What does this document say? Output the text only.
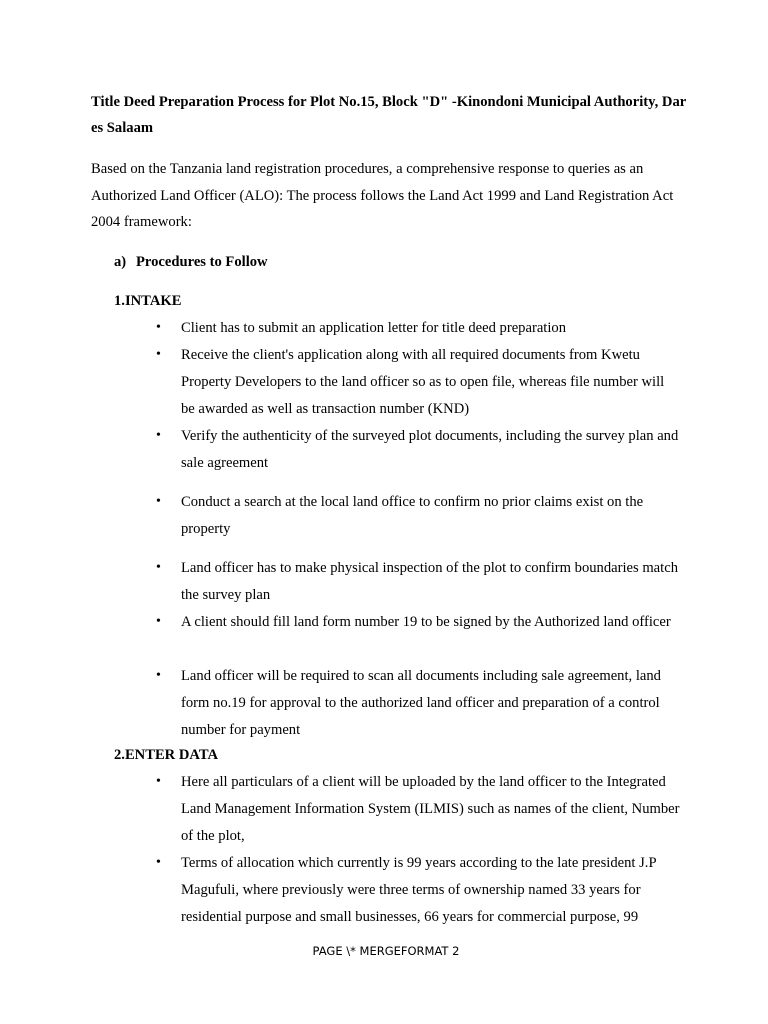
Title Deed Preparation Process for Plot No.15, Block "D" -Kinondoni Municipal Authority, Dar es Salaam

Based on the Tanzania land registration procedures, a comprehensive response to queries as an Authorized Land Officer (ALO): The process follows the Land Act 1999 and Land Registration Act 2004 framework:

a) Procedures to Follow

1.INTAKE

•	Client has to submit an application letter for title deed preparation
•	Receive the client's application along with all required documents from Kwetu Property Developers to the land officer so as to open file, whereas file number will be awarded as well as transaction number (KND)
•	Verify the authenticity of the surveyed plot documents, including the survey plan and sale agreement
•	Conduct a search at the local land office to confirm no prior claims exist on the property
•	Land officer has to make physical inspection of the plot to confirm boundaries match the survey plan
•	A client should fill land form number 19 to be signed by the Authorized land officer
•	Land officer will be required to scan all documents including sale agreement, land form no.19 for approval to the authorized land officer and preparation of a control number for payment

2.ENTER DATA

•	Here all particulars of a client will be uploaded by the land officer to the Integrated Land Management Information System (ILMIS) such as names of the client, Number of the plot,
•	Terms of allocation which currently is 99 years according to the late president J.P Magufuli, where previously were three terms of ownership named 33 years for residential purpose and small businesses, 66 years for commercial purpose, 99
PAGE \* MERGEFORMAT 2
